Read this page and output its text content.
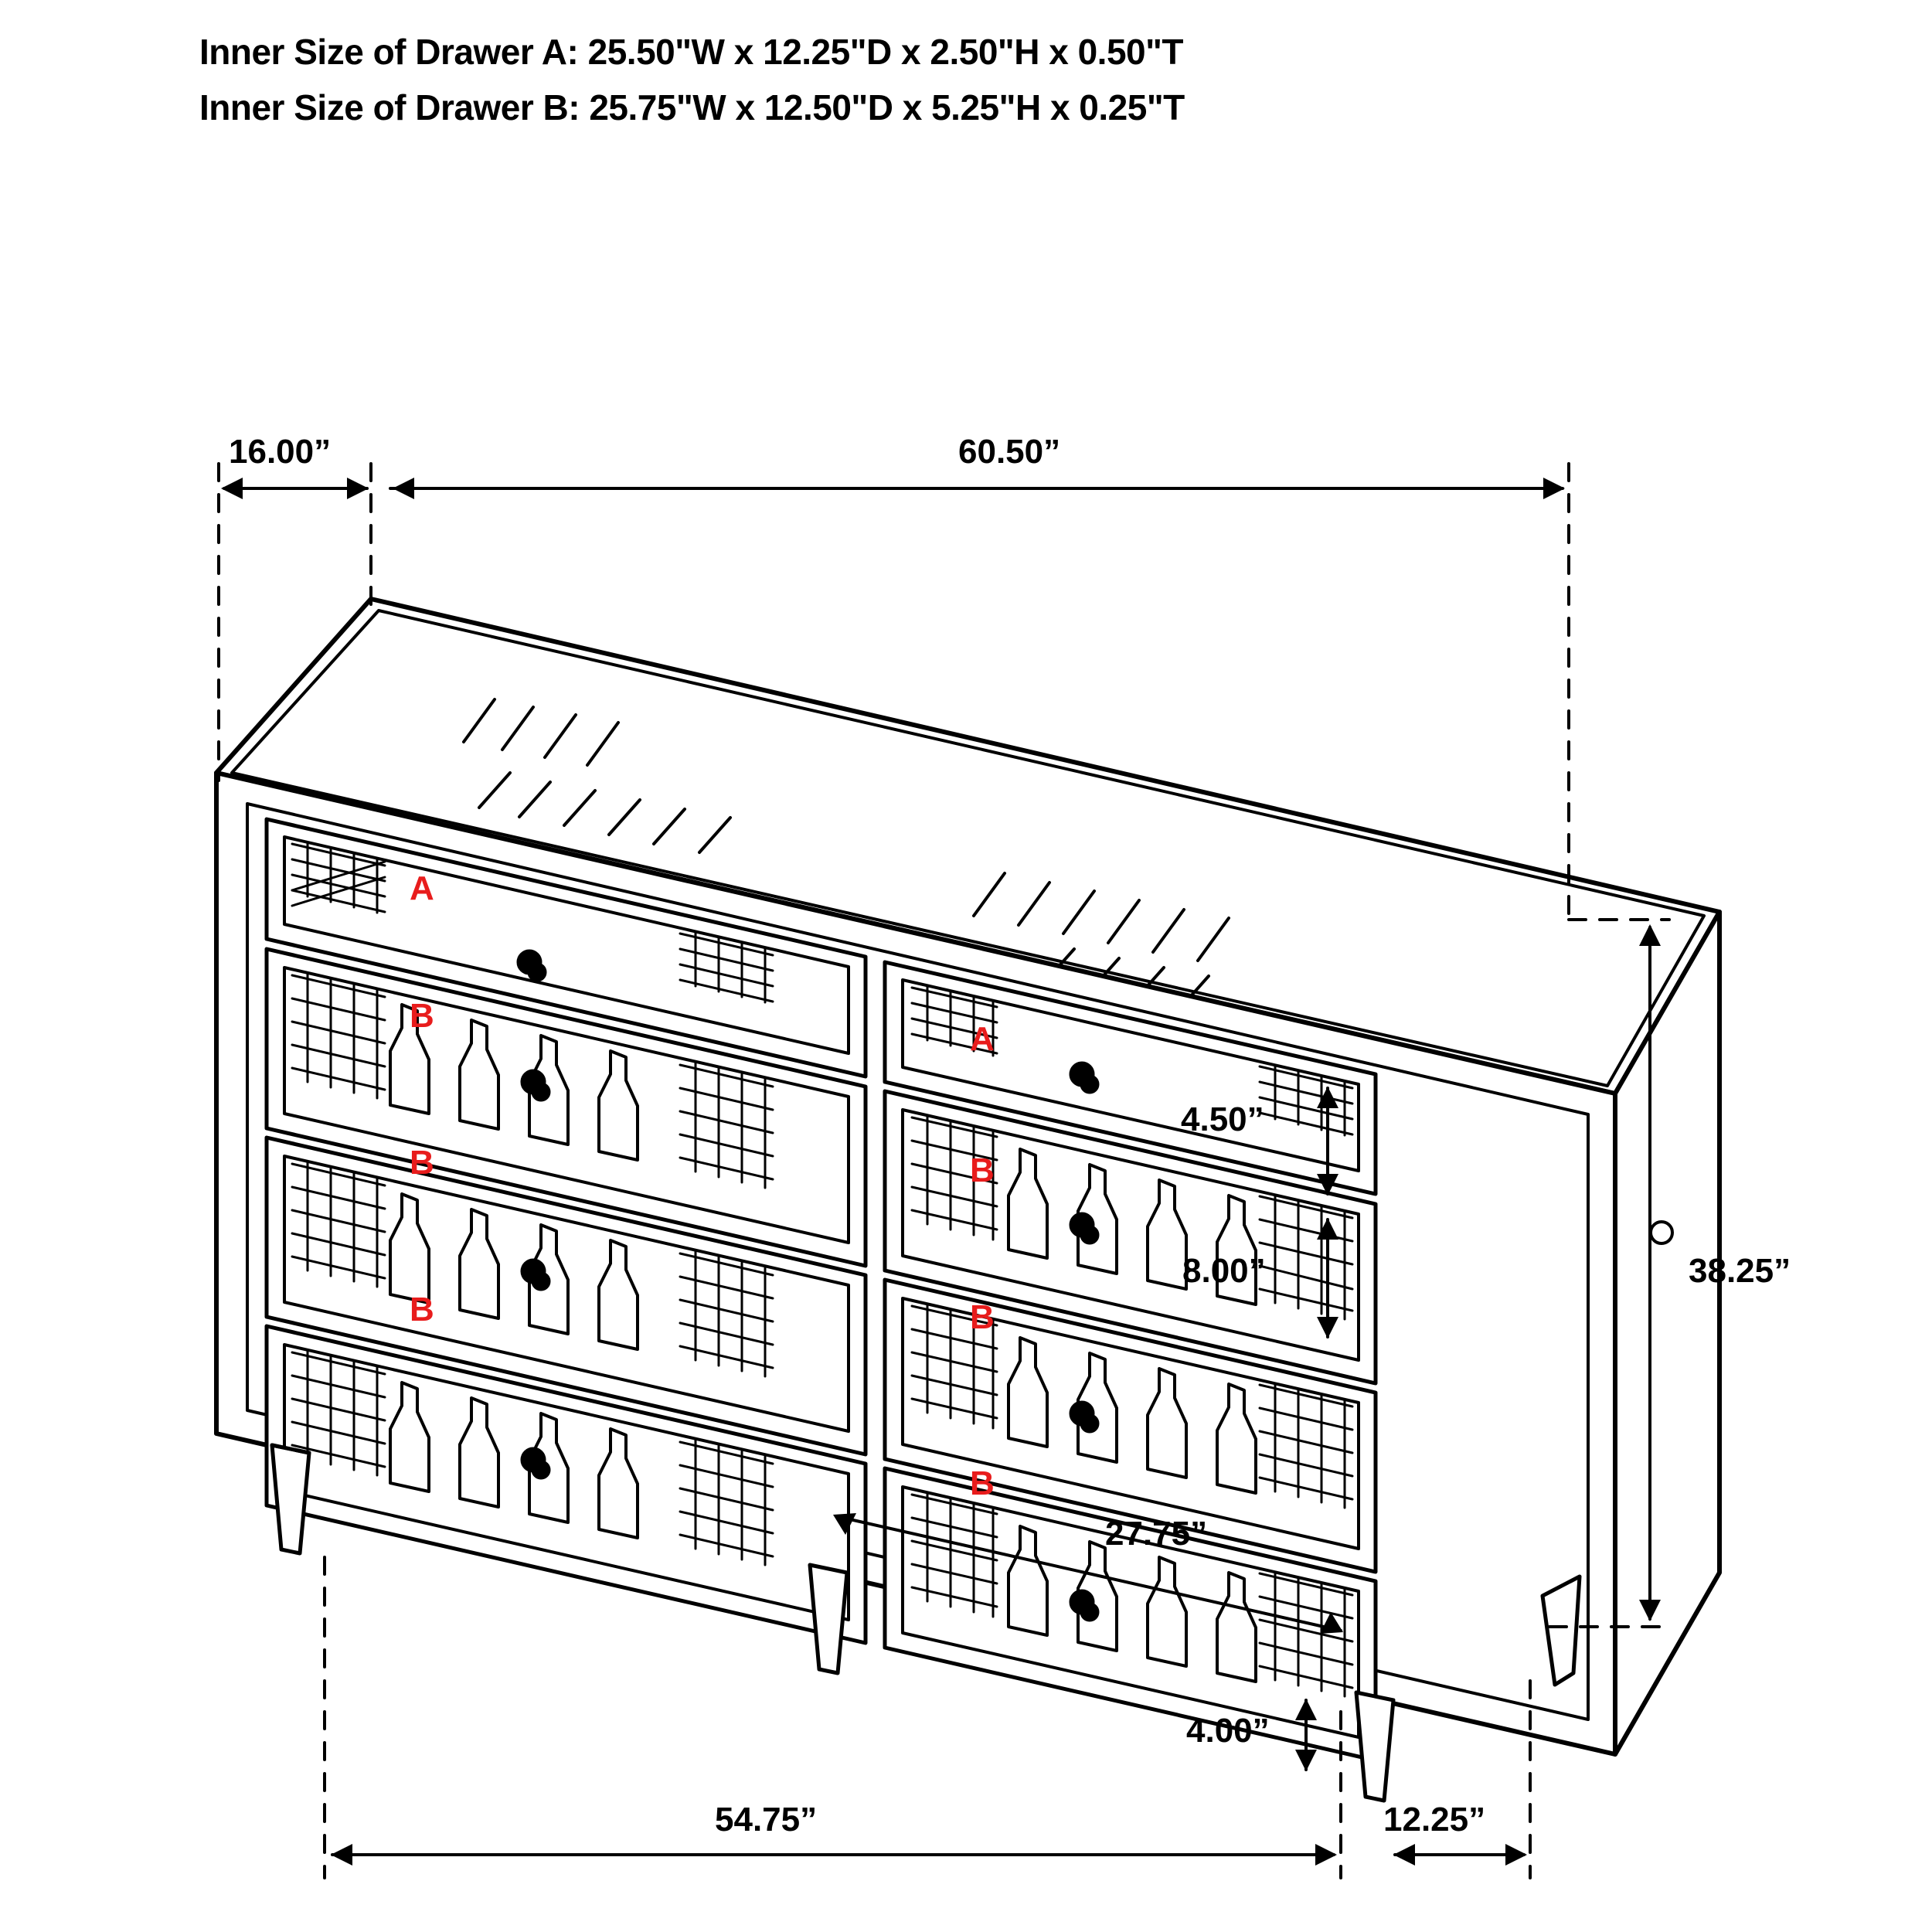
Inner Size of Drawer A: 25.50"W x 12.25"D x 2.50"H x 0.50"T
Inner Size of Drawer B: 25.75"W x 12.50"D x 5.25"H x 0.25"T
16.00”	60.50”
4.50”
8.00”
27.75”
38.25”
4.00”
54.75”	12.25”
A
B
B
B
A
B
B
B
